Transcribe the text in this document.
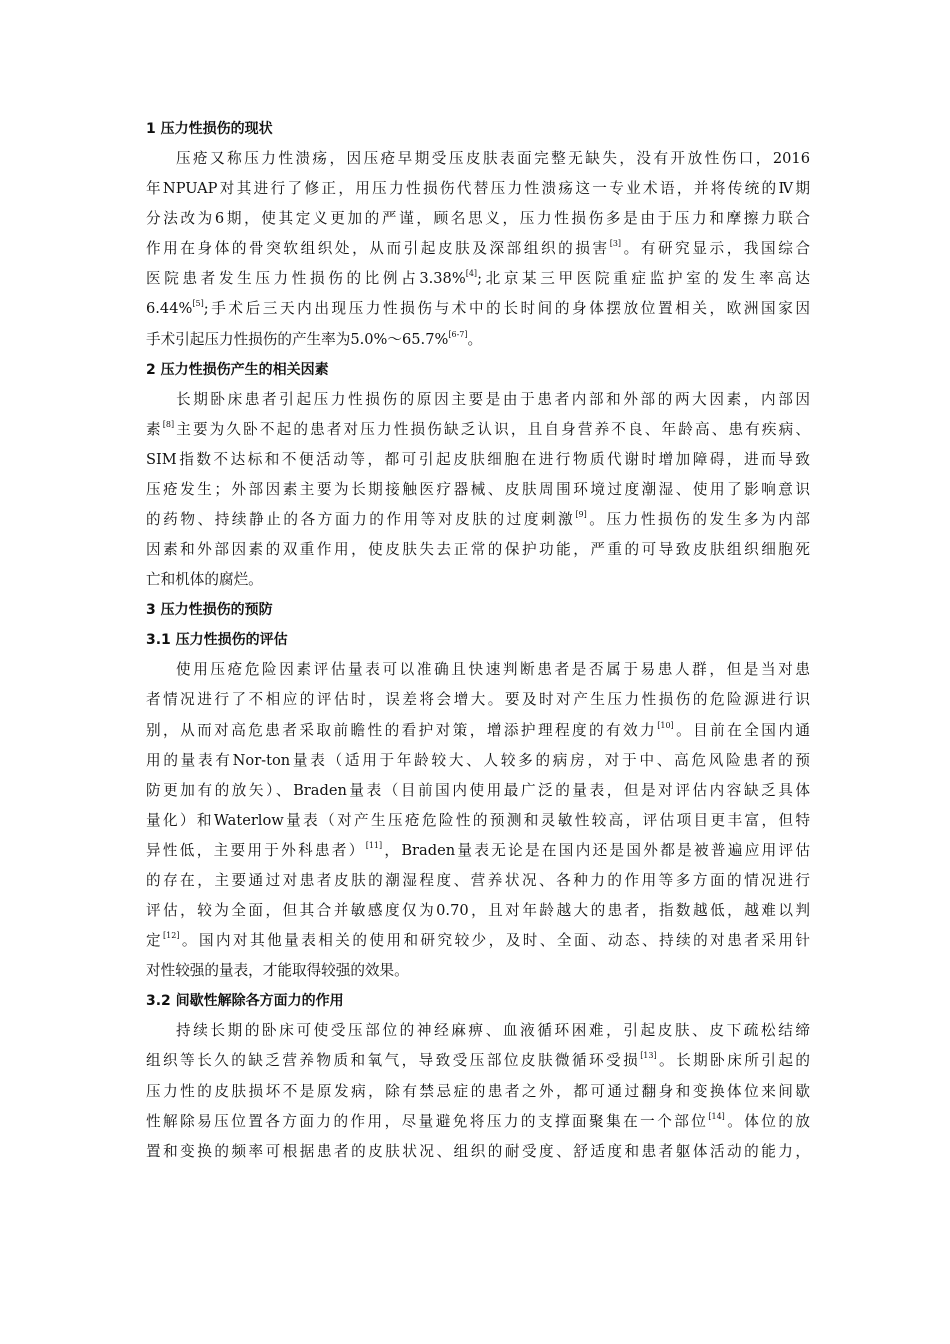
1 压力性损伤的现状
压疮又称压力性溃疡，因压疮早期受压皮肤表面完整无缺失，没有开放性伤口，2016
年NPUAP对其进行了修正，用压力性损伤代替压力性溃疡这一专业术语，并将传统的Ⅳ期
分法改为6期，使其定义更加的严谨，顾名思义，压力性损伤多是由于压力和摩擦力联合
作用在身体的骨突软组织处，从而引起皮肤及深部组织的损害[3]。有研究显示，我国综合
医院患者发生压力性损伤的比例占3.38%[4];北京某三甲医院重症监护室的发生率高达
6.44%[5];手术后三天内出现压力性损伤与术中的长时间的身体摆放位置相关，欧洲国家因
手术引起压力性损伤的产生率为5.0%～65.7%[6-7]。
2 压力性损伤产生的相关因素
长期卧床患者引起压力性损伤的原因主要是由于患者内部和外部的两大因素，内部因
素[8]主要为久卧不起的患者对压力性损伤缺乏认识，且自身营养不良、年龄高、患有疾病、
SIM指数不达标和不便活动等，都可引起皮肤细胞在进行物质代谢时增加障碍，进而导致
压疮发生；外部因素主要为长期接触医疗器械、皮肤周围环境过度潮湿、使用了影响意识
的药物、持续静止的各方面力的作用等对皮肤的过度刺激[9]。压力性损伤的发生多为内部
因素和外部因素的双重作用，使皮肤失去正常的保护功能，严重的可导致皮肤组织细胞死
亡和机体的腐烂。
3 压力性损伤的预防
3.1 压力性损伤的评估
使用压疮危险因素评估量表可以准确且快速判断患者是否属于易患人群，但是当对患
者情况进行了不相应的评估时，误差将会增大。要及时对产生压力性损伤的危险源进行识
别，从而对高危患者采取前瞻性的看护对策，增添护理程度的有效力[10]。目前在全国内通
用的量表有Nor-ton量表（适用于年龄较大、人较多的病房，对于中、高危风险患者的预
防更加有的放矢）、Braden量表（目前国内使用最广泛的量表，但是对评估内容缺乏具体
量化）和Waterlow量表（对产生压疮危险性的预测和灵敏性较高，评估项目更丰富，但特
异性低，主要用于外科患者）[11]，Braden量表无论是在国内还是国外都是被普遍应用评估
的存在，主要通过对患者皮肤的潮湿程度、营养状况、各种力的作用等多方面的情况进行
评估，较为全面，但其合并敏感度仅为0.70，且对年龄越大的患者，指数越低，越难以判
定[12]。国内对其他量表相关的使用和研究较少，及时、全面、动态、持续的对患者采用针
对性较强的量表，才能取得较强的效果。
3.2 间歇性解除各方面力的作用
持续长期的卧床可使受压部位的神经麻痹、血液循环困难，引起皮肤、皮下疏松结缔
组织等长久的缺乏营养物质和氧气，导致受压部位皮肤微循环受损[13]。长期卧床所引起的
压力性的皮肤损坏不是原发病，除有禁忌症的患者之外，都可通过翻身和变换体位来间歇
性解除易压位置各方面力的作用，尽量避免将压力的支撑面聚集在一个部位[14]。体位的放
置和变换的频率可根据患者的皮肤状况、组织的耐受度、舒适度和患者躯体活动的能力，
